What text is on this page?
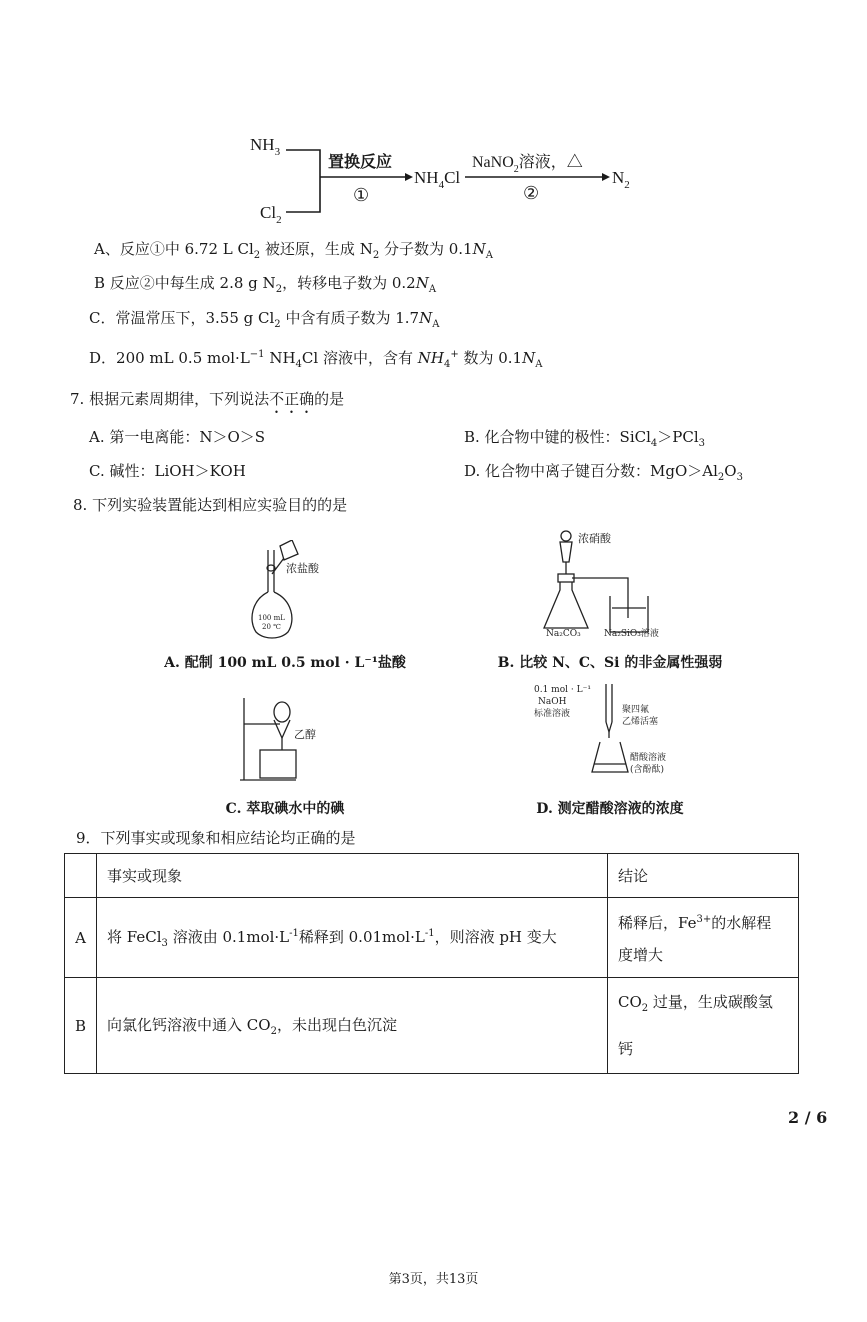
$NH_3$
$Cl_2$
置换反应
①
$NH_4Cl$
NaNO$_2$溶液，△
②
$N_2$
A、反应①中 6.72 L $Cl_2$ 被还原，生成 $N_2$ 分子数为 $0.1N_A$
B 反应②中每生成 2.8 g $N_2$，转移电子数为 $0.2N_A$
C．常温常压下，3.55 g $Cl_2$ 中含有质子数为 $1.7N_A$
D．200 mL 0.5 $mol\cdot L^{-1}$ $NH_4Cl$ 溶液中，含有 $NH_4^+$ 数为 $0.1N_A$
7. 根据元素周期律，下列说法不正确的是
A. 第一电离能：N＞O＞S	B. 化合物中键的极性：SiCl$_4$＞PCl$_3$
C. 碱性：LiOH＞KOH	D. 化合物中离子键百分数：$MgO>Al_2O_3$
8. 下列实验装置能达到相应实验目的的是
浓盐酸
100 mL
20 ℃
A. 配制 100 mL 0.5 mol · L⁻¹盐酸
浓硝酸
Na₂CO₃	Na₂SiO₃溶液
B. 比较 N、C、Si 的非金属性强弱
乙醇
C. 萃取碘水中的碘
0.1 mol · L⁻¹
NaOH
标准溶液	聚四氟
乙烯活塞
醋酸溶液
(含酚酞)
D. 测定醋酸溶液的浓度
9．下列事实或现象和相应结论均正确的是
	事实或现象	结论
A	将 FeCl$_3$ 溶液由 $0.1mol\cdot L^{-1}$稀释到 $0.01mol\cdot L^{-1}$，则溶液 pH 变大	稀释后，$Fe^{3+}$的水解程
度增大
B	向氯化钙溶液中通入 $CO_2$，未出现白色沉淀	$CO_2$ 过量，生成碳酸氢
钙
2 / 6
第3页，共13页
